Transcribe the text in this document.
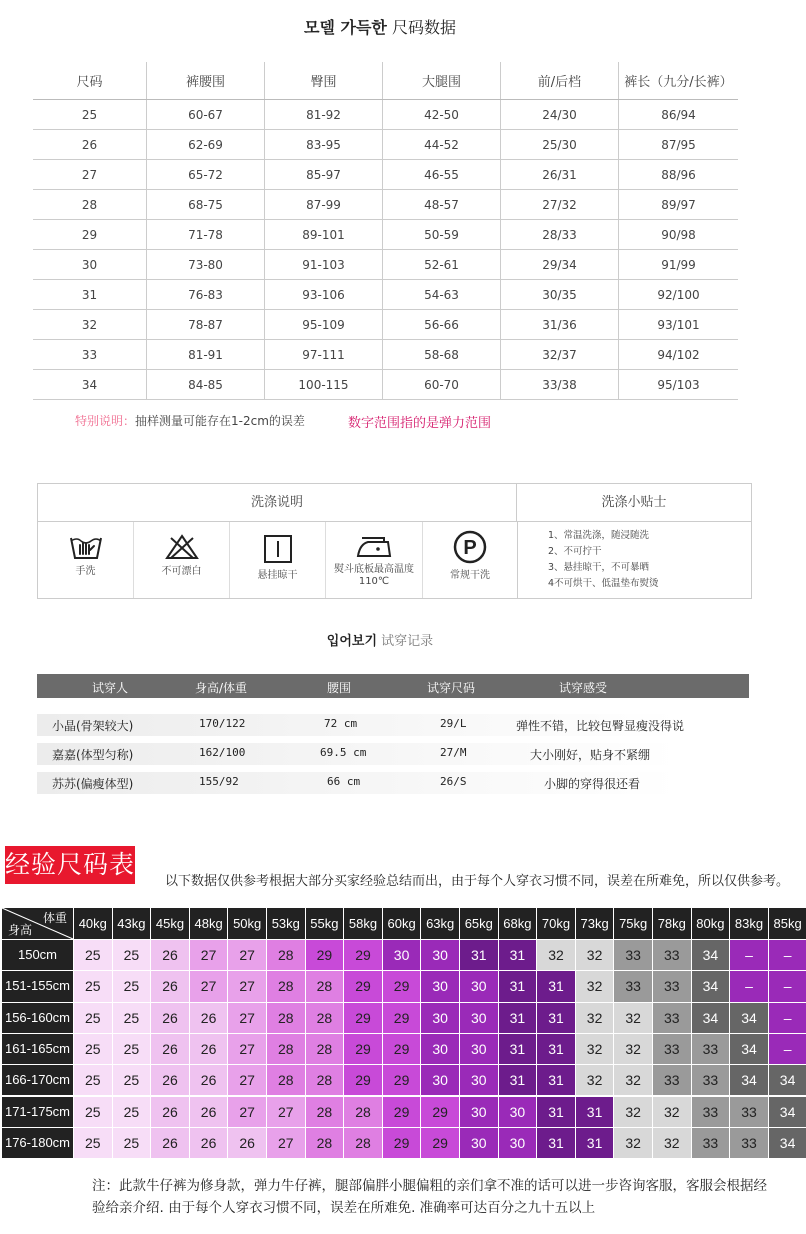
모델 가득한 尺码数据
尺码	裤腰围	臀围	大腿围	前/后档	裤长（九分/长裤）
25	60-67	81-92	42-50	24/30	86/94
26	62-69	83-95	44-52	25/30	87/95
27	65-72	85-97	46-55	26/31	88/96
28	68-75	87-99	48-57	27/32	89/97
29	71-78	89-101	50-59	28/33	90/98
30	73-80	91-103	52-61	29/34	91/99
31	76-83	93-106	54-63	30/35	92/100
32	78-87	95-109	56-66	31/36	93/101
33	81-91	97-111	58-68	32/37	94/102
34	84-85	100-115	60-70	33/38	95/103
特别说明：抽样测量可能存在1-2cm的误差	数字范围指的是弹力范围
洗涤说明	洗涤小贴士
手洗	不可漂白	悬挂晾干
熨斗底板最高温度110℃
P
常规干洗
1、常温洗涤，随浸随洗
2、不可拧干
3、悬挂晾干，不可暴晒
4不可烘干、低温垫布熨烫
입어보기 试穿记录
试穿人	身高/体重	腰围	试穿尺码	试穿感受
小晶(骨架较大)	170/122	72 cm	29/L	弹性不错，比较包臀显瘦没得说
嘉嘉(体型匀称)	162/100	69.5 cm	27/M	大小刚好，贴身不紧绷
苏苏(偏瘦体型)	155/92	66 cm	26/S	小脚的穿得很还看
经验尺码表
以下数据仅供参考根据大部分买家经验总结而出，由于每个人穿衣习惯不同，误差在所难免，所以仅供参考。
体重
身高	40kg 43kg 45kg 48kg 50kg 53kg 55kg 58kg 60kg 63kg 65kg 68kg 70kg 73kg 75kg 78kg 80kg 83kg 85kg
150cm	25	25	26	27	27	28	29	29	30	30	31	31	32	32	33	33	34	–	–
151-155cm	25	25	26	27	27	28	28	29	29	30	30	31	31	32	33	33	34	–	–
156-160cm	25	25	26	26	27	28	28	29	29	30	30	31	31	32	32	33	34	34	–
161-165cm	25	25	26	26	27	28	28	29	29	30	30	31	31	32	32	33	33	34	–
166-170cm	25	25	26	26	27	28	28	29	29	30	30	31	31	32	32	33	33	34	34
171-175cm	25	25	26	26	27	27	28	28	29	29	30	30	31	31	32	32	33	33	34
176-180cm	25	25	26	26	26	27	28	28	29	29	30	30	31	31	32	32	33	33	34
注：此款牛仔裤为修身款，弹力牛仔裤，腿部偏胖小腿偏粗的亲们拿不准的话可以进一步咨询客服，客服会根据经验给亲介绍. 由于每个人穿衣习惯不同，误差在所难免. 准确率可达百分之九十五以上
